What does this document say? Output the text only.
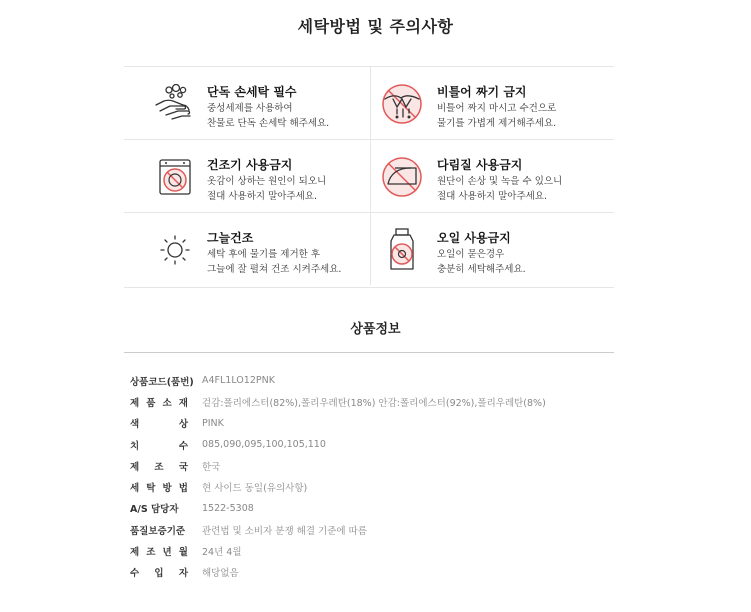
세탁방법 및 주의사항
단독 손세탁 필수
중성세제를 사용하여
찬물로 단독 손세탁 해주세요.
비틀어 짜기 금지
비틀어 짜지 마시고 수건으로
물기를 가볍게 제거해주세요.
건조기 사용금지
옷감이 상하는 원인이 되오니
절대 사용하지 말아주세요.
다림질 사용금지
원단이 손상 및 녹을 수 있으니
절대 사용하지 말아주세요.
그늘건조
세탁 후에 물기를 제거한 후
그늘에 잘 펼쳐 건조 시켜주세요.
오일 사용금지
오일이 묻은경우
충분히 세탁해주세요.
상품정보
상품코드(품번) A4FL1LO12PNK
제 품 소 재 겉감:폴리에스터(82%),폴리우레탄(18%) 안감:폴리에스터(92%),폴리우레탄(8%)
색	상 PINK
치	수 085,090,095,100,105,110
제 조 국 한국
세 탁 방 법 현 사이드 동일(유의사항)
A/S 담당자	1522-5308
품질보증기준	관련법 및 소비자 분쟁 해결 기준에 따름
제 조 년 월 24년 4월
수 입 자 해당없음
